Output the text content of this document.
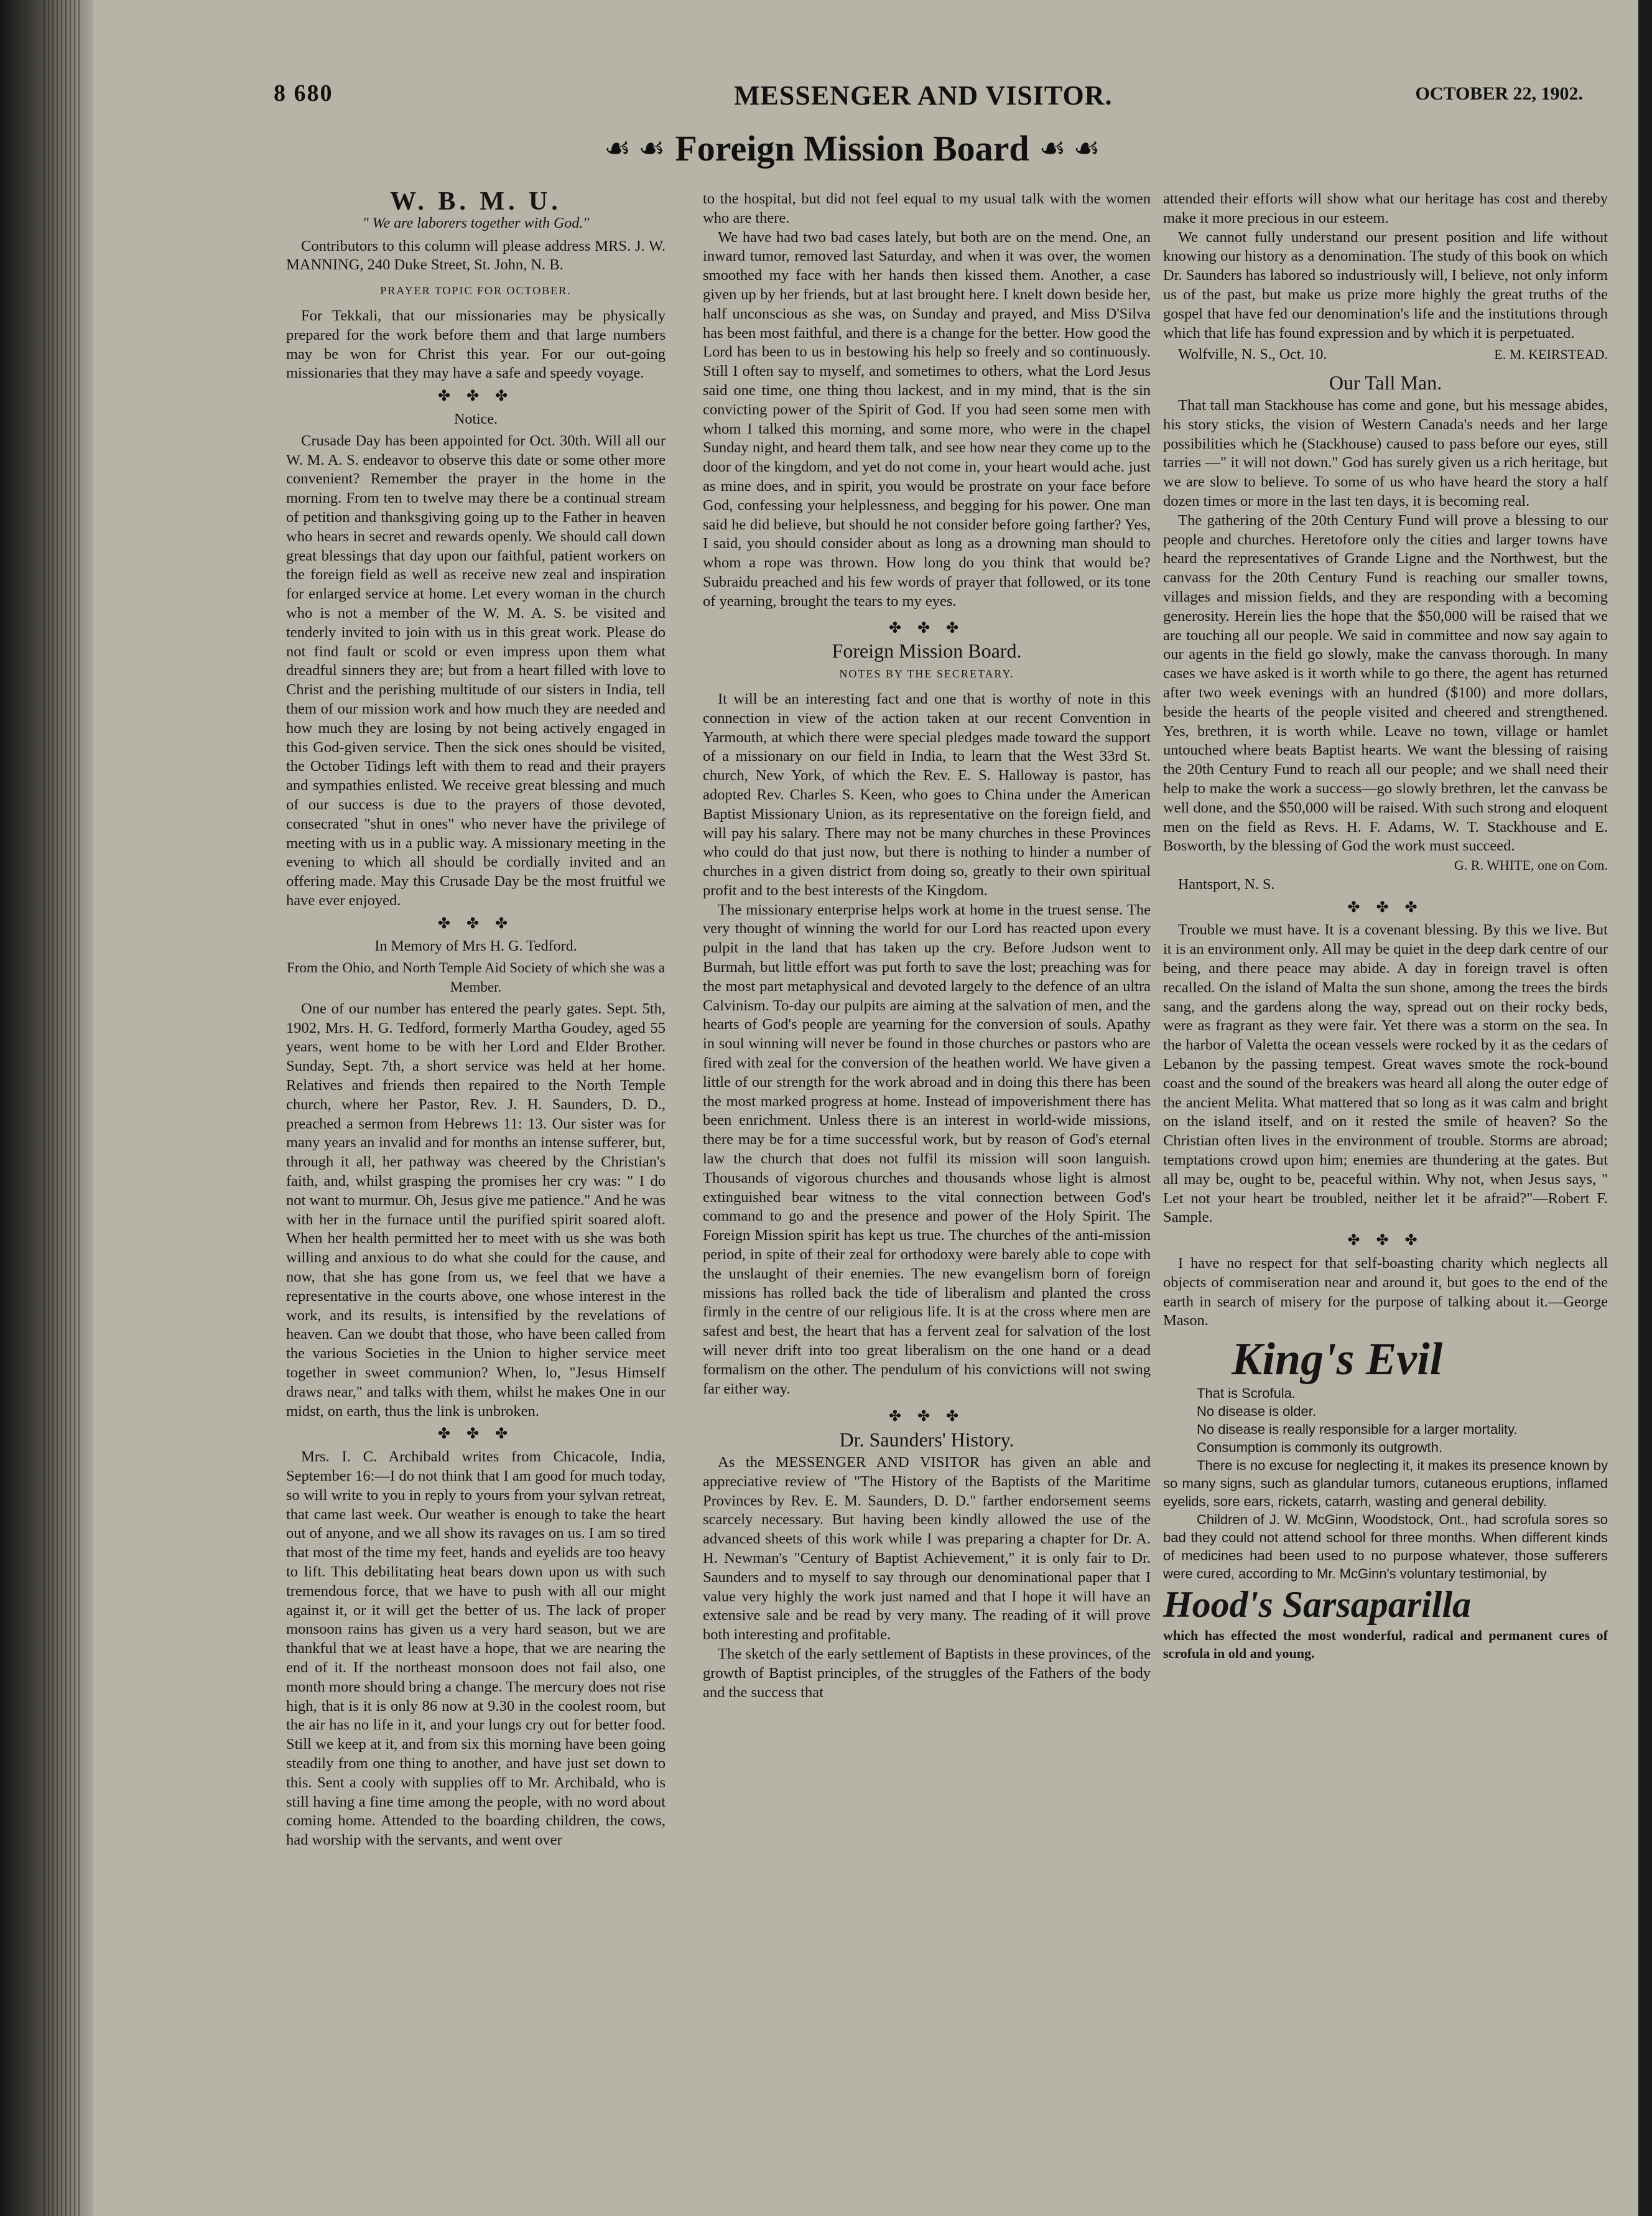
8 680	MESSENGER AND VISITOR.	OCTOBER 22, 1902.
☙ ☙ Foreign Mission Board ☙ ☙
W. B. M. U.
" We are laborers together with God."

Contributors to this column will please address MRS. J. W. MANNING, 240 Duke Street, St. John, N. B.

PRAYER TOPIC FOR OCTOBER.

For Tekkali, that our missionaries may be physically prepared for the work before them and that large numbers may be won for Christ this year. For our out-going missionaries that they may have a safe and speedy voyage.

✤ ✤ ✤
Notice.

Crusade Day has been appointed for Oct. 30th. Will all our W. M. A. S. endeavor to observe this date or some other more convenient? Remember the prayer in the home in the morning. From ten to twelve may there be a continual stream of petition and thanksgiving going up to the Father in heaven who hears in secret and rewards openly. We should call down great blessings that day upon our faithful, patient workers on the foreign field as well as receive new zeal and inspiration for enlarged service at home. Let every woman in the church who is not a member of the W. M. A. S. be visited and tenderly invited to join with us in this great work. Please do not find fault or scold or even impress upon them what dreadful sinners they are; but from a heart filled with love to Christ and the perishing multitude of our sisters in India, tell them of our mission work and how much they are needed and how much they are losing by not being actively engaged in this God-given service. Then the sick ones should be visited, the October Tidings left with them to read and their prayers and sympathies enlisted. We receive great blessing and much of our success is due to the prayers of those devoted, consecrated "shut in ones" who never have the privilege of meeting with us in a public way. A missionary meeting in the evening to which all should be cordially invited and an offering made. May this Crusade Day be the most fruitful we have ever enjoyed.

✤ ✤ ✤
In Memory of Mrs H. G. Tedford.
From the Ohio, and North Temple Aid Society of which she was a Member.

One of our number has entered the pearly gates. Sept. 5th, 1902, Mrs. H. G. Tedford, formerly Martha Goudey, aged 55 years, went home to be with her Lord and Elder Brother. Sunday, Sept. 7th, a short service was held at her home. Relatives and friends then repaired to the North Temple church, where her Pastor, Rev. J. H. Saunders, D. D., preached a sermon from Hebrews 11: 13. Our sister was for many years an invalid and for months an intense sufferer, but, through it all, her pathway was cheered by the Christian's faith, and, whilst grasping the promises her cry was: " I do not want to murmur. Oh, Jesus give me patience." And he was with her in the furnace until the purified spirit soared aloft. When her health permitted her to meet with us she was both willing and anxious to do what she could for the cause, and now, that she has gone from us, we feel that we have a representative in the courts above, one whose interest in the work, and its results, is intensified by the revelations of heaven. Can we doubt that those, who have been called from the various Societies in the Union to higher service meet together in sweet communion? When, lo, "Jesus Himself draws near," and talks with them, whilst he makes One in our midst, on earth, thus the link is unbroken.

✤ ✤ ✤

Mrs. I. C. Archibald writes from Chicacole, India, September 16:—I do not think that I am good for much today, so will write to you in reply to yours from your sylvan retreat, that came last week. Our weather is enough to take the heart out of anyone, and we all show its ravages on us. I am so tired that most of the time my feet, hands and eyelids are too heavy to lift. This debilitating heat bears down upon us with such tremendous force, that we have to push with all our might against it, or it will get the better of us. The lack of proper monsoon rains has given us a very hard season, but we are thankful that we at least have a hope, that we are nearing the end of it. If the northeast monsoon does not fail also, one month more should bring a change. The mercury does not rise high, that is it is only 86 now at 9.30 in the coolest room, but the air has no life in it, and your lungs cry out for better food. Still we keep at it, and from six this morning have been going steadily from one thing to another, and have just set down to this. Sent a cooly with supplies off to Mr. Archibald, who is still having a fine time among the people, with no word about coming home. Attended to the boarding children, the cows, had worship with the servants, and went over

to the hospital, but did not feel equal to my usual talk with the women who are there.

We have had two bad cases lately, but both are on the mend. One, an inward tumor, removed last Saturday, and when it was over, the women smoothed my face with her hands then kissed them. Another, a case given up by her friends, but at last brought here. I knelt down beside her, half unconscious as she was, on Sunday and prayed, and Miss D'Silva has been most faithful, and there is a change for the better. How good the Lord has been to us in bestowing his help so freely and so continuously. Still I often say to myself, and sometimes to others, what the Lord Jesus said one time, one thing thou lackest, and in my mind, that is the sin convicting power of the Spirit of God. If you had seen some men with whom I talked this morning, and some more, who were in the chapel Sunday night, and heard them talk, and see how near they come up to the door of the kingdom, and yet do not come in, your heart would ache. just as mine does, and in spirit, you would be prostrate on your face before God, confessing your helplessness, and begging for his power. One man said he did believe, but should he not consider before going farther? Yes, I said, you should consider about as long as a drowning man should to whom a rope was thrown. How long do you think that would be? Subraidu preached and his few words of prayer that followed, or its tone of yearning, brought the tears to my eyes.

✤ ✤ ✤
Foreign Mission Board.
NOTES BY THE SECRETARY.

It will be an interesting fact and one that is worthy of note in this connection in view of the action taken at our recent Convention in Yarmouth, at which there were special pledges made toward the support of a missionary on our field in India, to learn that the West 33rd St. church, New York, of which the Rev. E. S. Halloway is pastor, has adopted Rev. Charles S. Keen, who goes to China under the American Baptist Missionary Union, as its representative on the foreign field, and will pay his salary. There may not be many churches in these Provinces who could do that just now, but there is nothing to hinder a number of churches in a given district from doing so, greatly to their own spiritual profit and to the best interests of the Kingdom.

The missionary enterprise helps work at home in the truest sense. The very thought of winning the world for our Lord has reacted upon every pulpit in the land that has taken up the cry. Before Judson went to Burmah, but little effort was put forth to save the lost; preaching was for the most part metaphysical and devoted largely to the defence of an ultra Calvinism. To-day our pulpits are aiming at the salvation of men, and the hearts of God's people are yearning for the conversion of souls. Apathy in soul winning will never be found in those churches or pastors who are fired with zeal for the conversion of the heathen world. We have given a little of our strength for the work abroad and in doing this there has been the most marked progress at home. Instead of impoverishment there has been enrichment. Unless there is an interest in world-wide missions, there may be for a time successful work, but by reason of God's eternal law the church that does not fulfil its mission will soon languish. Thousands of vigorous churches and thousands whose light is almost extinguished bear witness to the vital connection between God's command to go and the presence and power of the Holy Spirit. The Foreign Mission spirit has kept us true. The churches of the anti-mission period, in spite of their zeal for orthodoxy were barely able to cope with the unslaught of their enemies. The new evangelism born of foreign missions has rolled back the tide of liberalism and planted the cross firmly in the centre of our religious life. It is at the cross where men are safest and best, the heart that has a fervent zeal for salvation of the lost will never drift into too great liberalism on the one hand or a dead formalism on the other. The pendulum of his convictions will not swing far either way.

✤ ✤ ✤
Dr. Saunders' History.

As the MESSENGER AND VISITOR has given an able and appreciative review of "The History of the Baptists of the Maritime Provinces by Rev. E. M. Saunders, D. D." farther endorsement seems scarcely necessary. But having been kindly allowed the use of the advanced sheets of this work while I was preparing a chapter for Dr. A. H. Newman's "Century of Baptist Achievement," it is only fair to Dr. Saunders and to myself to say through our denominational paper that I value very highly the work just named and that I hope it will have an extensive sale and be read by very many. The reading of it will prove both interesting and profitable.

The sketch of the early settlement of Baptists in these provinces, of the growth of Baptist principles, of the struggles of the Fathers of the body and the success that

attended their efforts will show what our heritage has cost and thereby make it more precious in our esteem.

We cannot fully understand our present position and life without knowing our history as a denomination. The study of this book on which Dr. Saunders has labored so industriously will, I believe, not only inform us of the past, but make us prize more highly the great truths of the gospel that have fed our denomination's life and the institutions through which that life has found expression and by which it is perpetuated.

Wolfville, N. S., Oct. 10.	E. M. KEIRSTEAD.
Our Tall Man.

That tall man Stackhouse has come and gone, but his message abides, his story sticks, the vision of Western Canada's needs and her large possibilities which he (Stackhouse) caused to pass before our eyes, still tarries —" it will not down." God has surely given us a rich heritage, but we are slow to believe. To some of us who have heard the story a half dozen times or more in the last ten days, it is becoming real.

The gathering of the 20th Century Fund will prove a blessing to our people and churches. Heretofore only the cities and larger towns have heard the representatives of Grande Ligne and the Northwest, but the canvass for the 20th Century Fund is reaching our smaller towns, villages and mission fields, and they are responding with a becoming generosity. Herein lies the hope that the $50,000 will be raised that we are touching all our people. We said in committee and now say again to our agents in the field go slowly, make the canvass thorough. In many cases we have asked is it worth while to go there, the agent has returned after two week evenings with an hundred ($100) and more dollars, beside the hearts of the people visited and cheered and strengthened. Yes, brethren, it is worth while. Leave no town, village or hamlet untouched where beats Baptist hearts. We want the blessing of raising the 20th Century Fund to reach all our people; and we shall need their help to make the work a success—go slowly brethren, let the canvass be well done, and the $50,000 will be raised. With such strong and eloquent men on the field as Revs. H. F. Adams, W. T. Stackhouse and E. Bosworth, by the blessing of God the work must succeed.

G. R. WHITE, one on Com.
Hantsport, N. S.
✤ ✤ ✤

Trouble we must have. It is a covenant blessing. By this we live. But it is an environment only. All may be quiet in the deep dark centre of our being, and there peace may abide. A day in foreign travel is often recalled. On the island of Malta the sun shone, among the trees the birds sang, and the gardens along the way, spread out on their rocky beds, were as fragrant as they were fair. Yet there was a storm on the sea. In the harbor of Valetta the ocean vessels were rocked by it as the cedars of Lebanon by the passing tempest. Great waves smote the rock-bound coast and the sound of the breakers was heard all along the outer edge of the ancient Melita. What mattered that so long as it was calm and bright on the island itself, and on it rested the smile of heaven? So the Christian often lives in the environment of trouble. Storms are abroad; temptations crowd upon him; enemies are thundering at the gates. But all may be, ought to be, peaceful within. Why not, when Jesus says, " Let not your heart be troubled, neither let it be afraid?"—Robert F. Sample.

✤ ✤ ✤

I have no respect for that self-boasting charity which neglects all objects of commiseration near and around it, but goes to the end of the earth in search of misery for the purpose of talking about it.—George Mason.

King's Evil

That is Scrofula.

No disease is older.

No disease is really responsible for a larger mortality.

Consumption is commonly its outgrowth.

There is no excuse for neglecting it, it makes its presence known by so many signs, such as glandular tumors, cutaneous eruptions, inflamed eyelids, sore ears, rickets, catarrh, wasting and general debility.

Children of J. W. McGinn, Woodstock, Ont., had scrofula sores so bad they could not attend school for three months. When different kinds of medicines had been used to no purpose whatever, those sufferers were cured, according to Mr. McGinn's voluntary testimonial, by

Hood's Sarsaparilla

which has effected the most wonderful, radical and permanent cures of scrofula in old and young.
